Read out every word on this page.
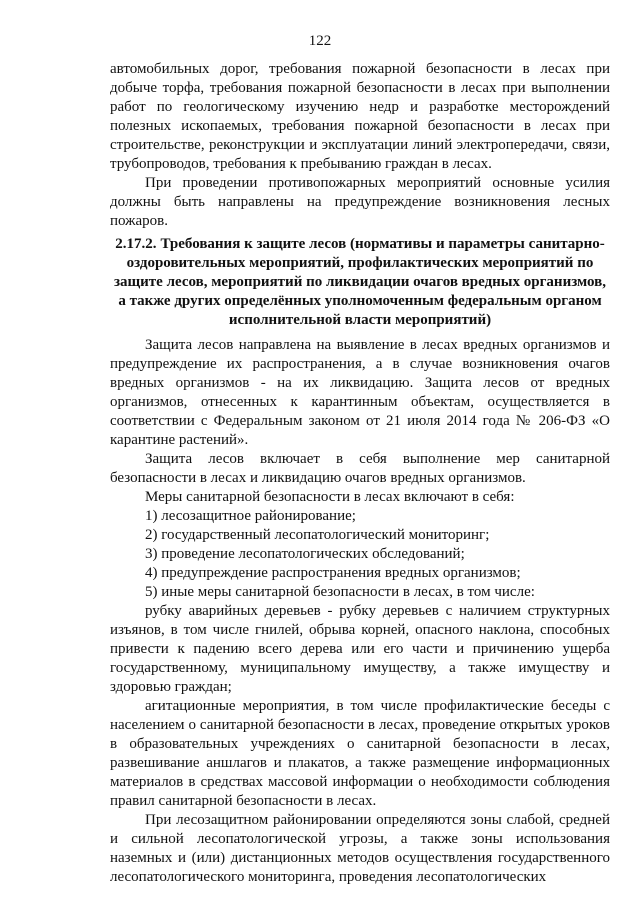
122

автомобильных дорог, требования пожарной безопасности в лесах при добыче торфа, требования пожарной безопасности в лесах при выполнении работ по геологическому изучению недр и разработке месторождений полезных ископаемых, требования пожарной безопасности в лесах при строительстве, реконструкции и эксплуатации линий электропередачи, связи, трубопроводов, требования к пребыванию граждан в лесах.

При проведении противопожарных мероприятий основные усилия должны быть направлены на предупреждение возникновения лесных пожаров.

2.17.2. Требования к защите лесов (нормативы и параметры санитарно-оздоровительных мероприятий, профилактических мероприятий по защите лесов, мероприятий по ликвидации очагов вредных организмов, а также других определённых уполномоченным федеральным органом исполнительной власти мероприятий)

Защита лесов направлена на выявление в лесах вредных организмов и предупреждение их распространения, а в случае возникновения очагов вредных организмов - на их ликвидацию. Защита лесов от вредных организмов, отнесенных к карантинным объектам, осуществляется в соответствии с Федеральным законом от 21 июля 2014 года № 206-ФЗ «О карантине растений».

Защита лесов включает в себя выполнение мер санитарной безопасности в лесах и ликвидацию очагов вредных организмов.

Меры санитарной безопасности в лесах включают в себя:

1) лесозащитное районирование;

2) государственный лесопатологический мониторинг;

3) проведение лесопатологических обследований;

4) предупреждение распространения вредных организмов;

5) иные меры санитарной безопасности в лесах, в том числе:

рубку аварийных деревьев - рубку деревьев с наличием структурных изъянов, в том числе гнилей, обрыва корней, опасного наклона, способных привести к падению всего дерева или его части и причинению ущерба государственному, муниципальному имуществу, а также имуществу и здоровью граждан;

агитационные мероприятия, в том числе профилактические беседы с населением о санитарной безопасности в лесах, проведение открытых уроков в образовательных учреждениях о санитарной безопасности в лесах, развешивание аншлагов и плакатов, а также размещение информационных материалов в средствах массовой информации о необходимости соблюдения правил санитарной безопасности в лесах.

При лесозащитном районировании определяются зоны слабой, средней и сильной лесопатологической угрозы, а также зоны использования наземных и (или) дистанционных методов осуществления государственного лесопатологического мониторинга, проведения лесопатологических
